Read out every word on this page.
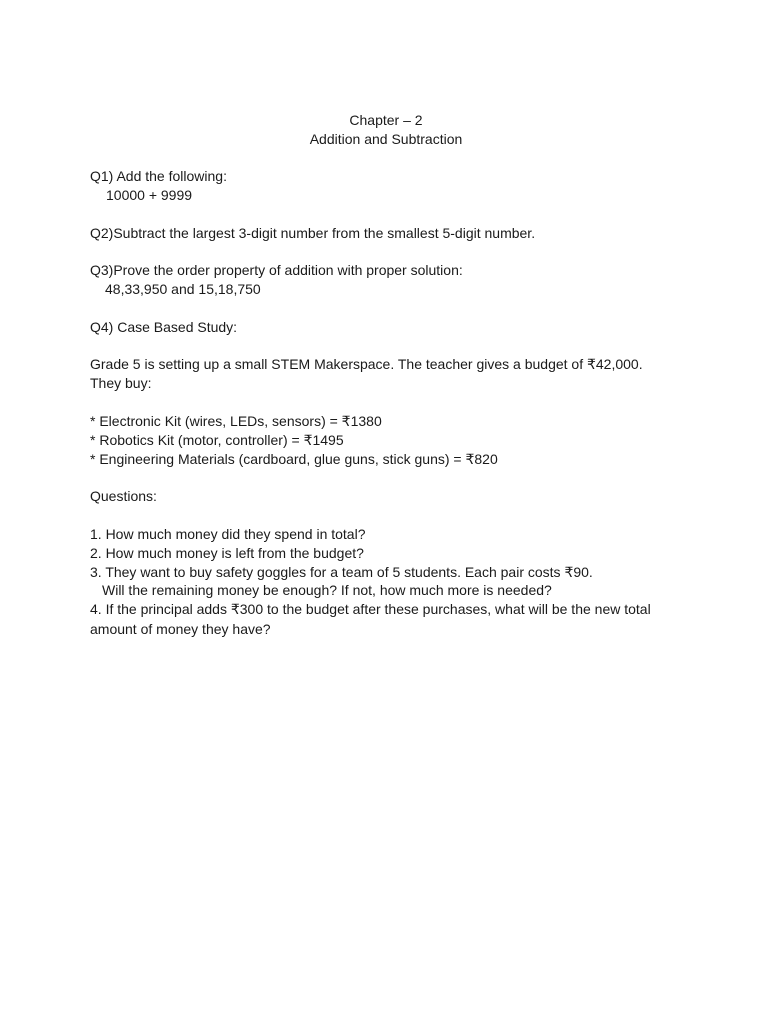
Chapter – 2
Addition and Subtraction
Q1) Add the following:
10000 + 9999
Q2)Subtract the largest 3-digit number from the smallest 5-digit number.
Q3)Prove the order property of addition with proper solution:
48,33,950 and 15,18,750
Q4) Case Based Study:
Grade 5 is setting up a small STEM Makerspace. The teacher gives a budget of ₹42,000.
They buy:
* Electronic Kit (wires, LEDs, sensors) = ₹1380
* Robotics Kit (motor, controller) = ₹1495
* Engineering Materials (cardboard, glue guns, stick guns) = ₹820
Questions:
1. How much money did they spend in total?
2. How much money is left from the budget?
3. They want to buy safety goggles for a team of 5 students. Each pair costs ₹90.
Will the remaining money be enough? If not, how much more is needed?
4. If the principal adds ₹300 to the budget after these purchases, what will be the new total
amount of money they have?
